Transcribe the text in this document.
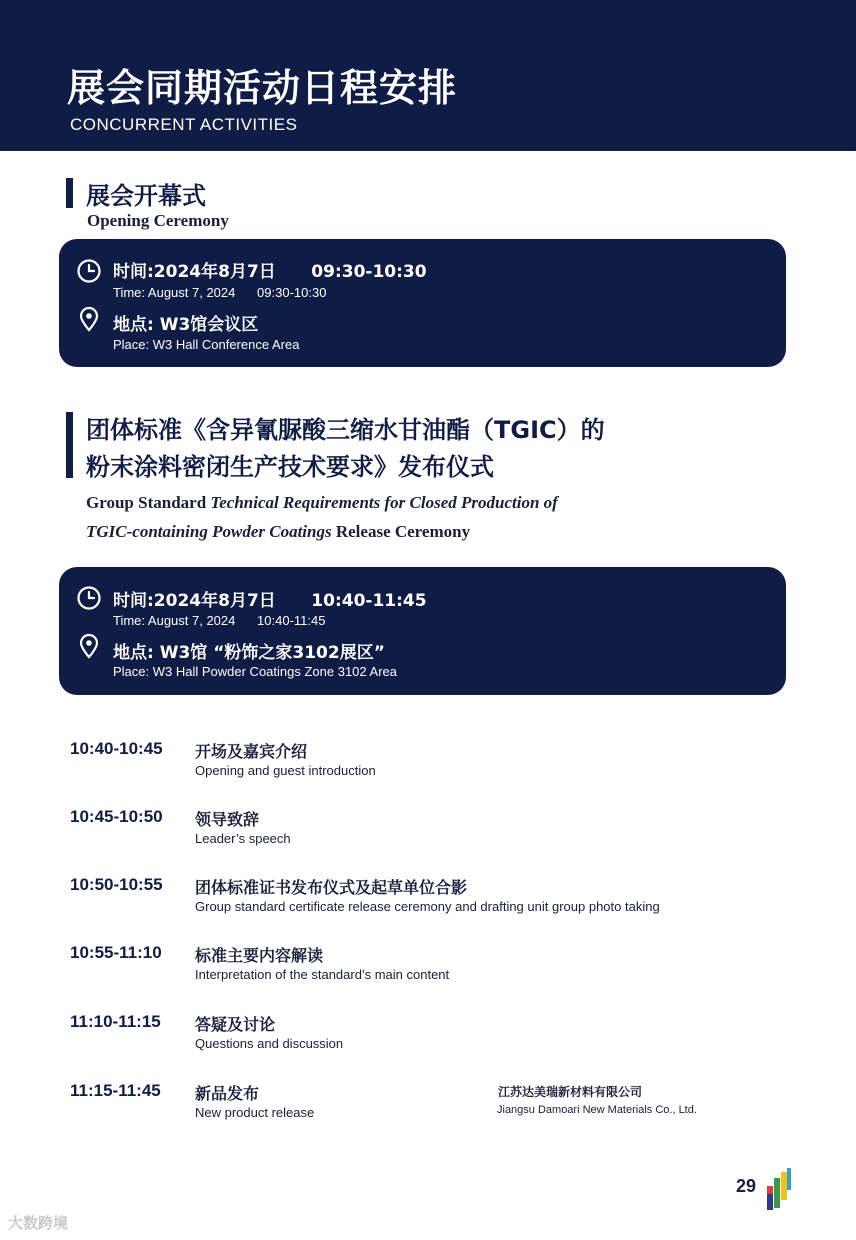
展会同期活动日程安排
CONCURRENT ACTIVITIES
展会开幕式
Opening Ceremony
时间:2024年8月7日      09:30-10:30
Time: August 7, 2024      09:30-10:30
地点: W3馆会议区
Place: W3 Hall Conference Area
团体标准《含异氰脲酸三缩水甘油酯（TGIC）的
粉末涂料密闭生产技术要求》发布仪式
Group Standard Technical Requirements for Closed Production of
TGIC-containing Powder Coatings Release Ceremony
时间:2024年8月7日      10:40-11:45
Time: August 7, 2024      10:40-11:45
地点: W3馆 “粉饰之家3102展区”
Place: W3 Hall Powder Coatings Zone 3102 Area
10:40-10:45 开场及嘉宾介绍
Opening and guest introduction
10:45-10:50 领导致辞
Leader’s speech
10:50-10:55 团体标准证书发布仪式及起草单位合影
Group standard certificate release ceremony and drafting unit group photo taking
10:55-11:10 标准主要内容解读
Interpretation of the standard’s main content
11:10-11:15 答疑及讨论
Questions and discussion
11:15-11:45 新品发布
New product release
江苏达美瑞新材料有限公司
Jiangsu Damoari New Materials Co., Ltd.
29
大数跨境
